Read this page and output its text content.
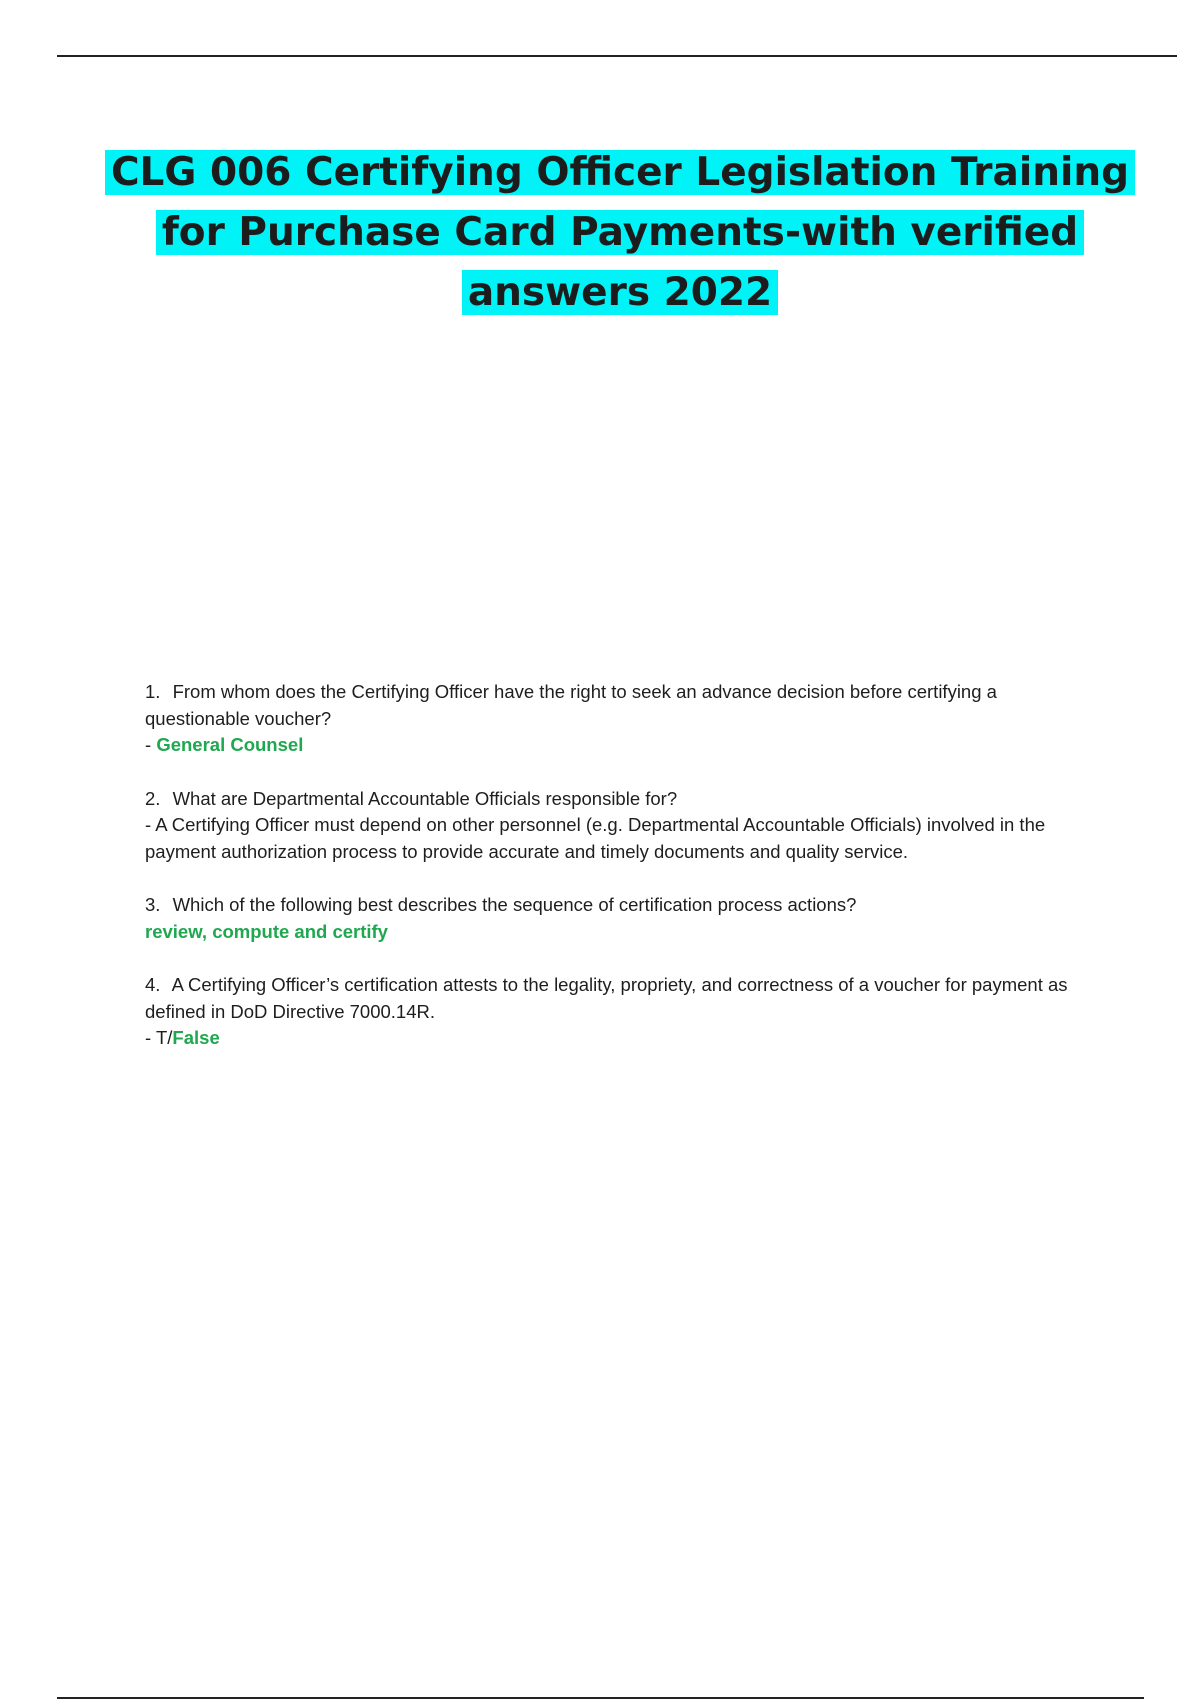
CLG 006 Certifying Officer Legislation Training
for Purchase Card Payments-with verified
answers 2022
1. From whom does the Certifying Officer have the right to seek an advance decision before certifying a questionable voucher?
- General Counsel
2. What are Departmental Accountable Officials responsible for?
- A Certifying Officer must depend on other personnel (e.g. Departmental Accountable Officials) involved in the payment authorization process to provide accurate and timely documents and quality service.
3. Which of the following best describes the sequence of certification process actions?
review, compute and certify
4. A Certifying Officer’s certification attests to the legality, propriety, and correctness of a voucher for payment as defined in DoD Directive 7000.14R.
- T/False
